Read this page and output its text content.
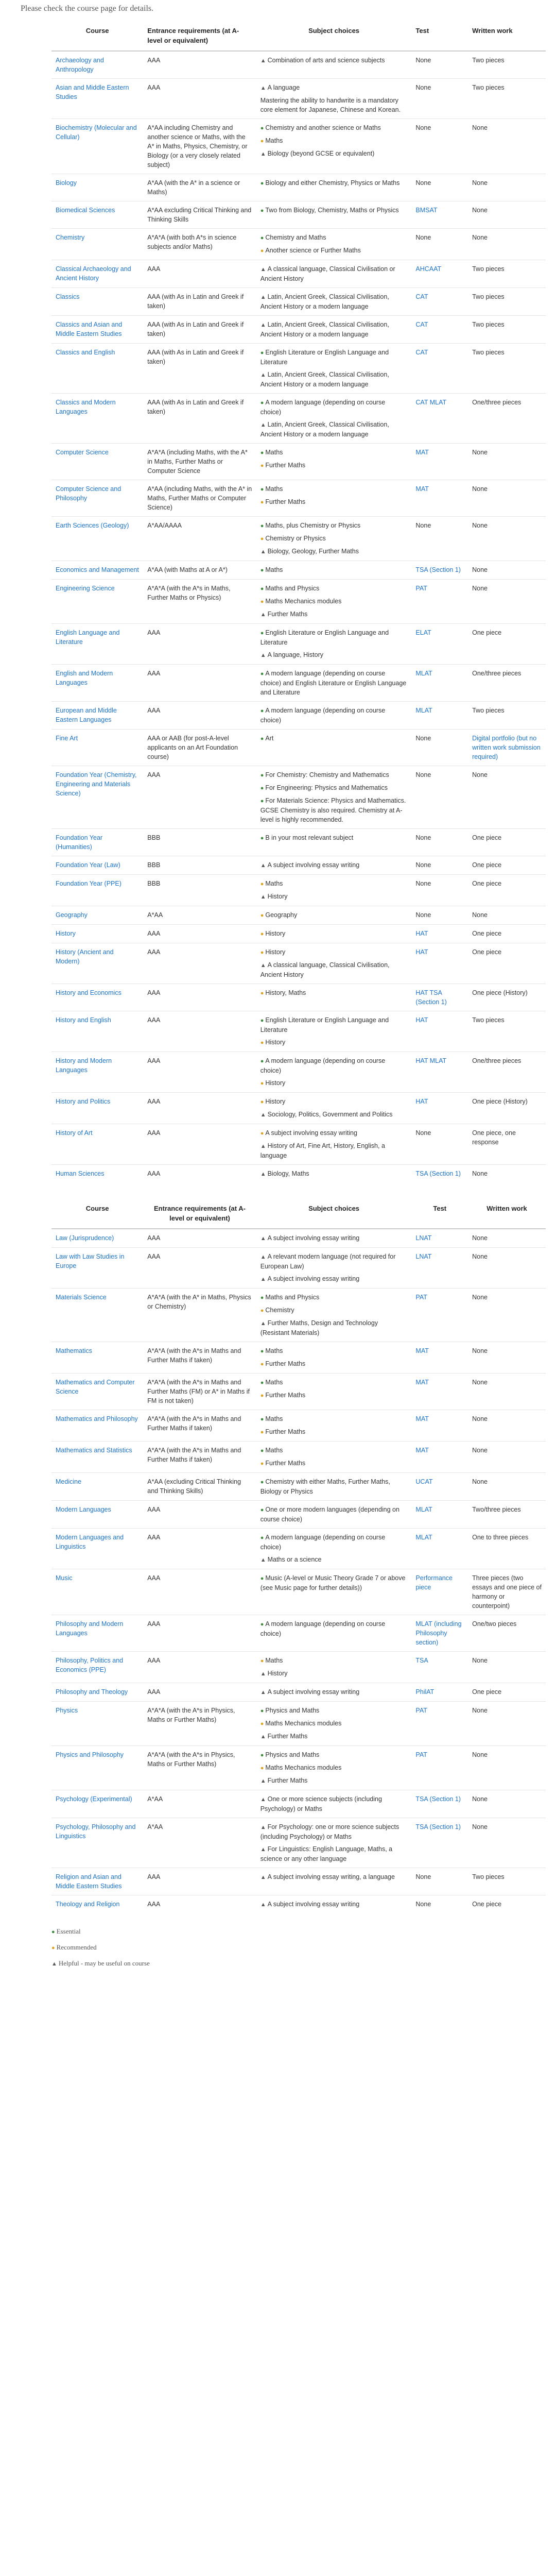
Please check the course page for details.
Course	Entrance requirements (at A-level or equivalent)	Subject choices	Test	Written work
Archaeology and Anthropology	AAA	▲ Combination of arts and science subjects	None	Two pieces
Asian and Middle Eastern Studies	AAA	▲ A language
Mastering the ability to handwrite is a mandatory core element for Japanese, Chinese and Korean.	None	Two pieces
Biochemistry (Molecular and Cellular)	A*AA including Chemistry and another science or Maths, with the A* in Maths, Physics, Chemistry, or Biology (or a very closely related subject)	● Chemistry and another science or Maths
● Maths
▲ Biology (beyond GCSE or equivalent)	None	None
Biology	A*AA (with the A* in a science or Maths)	● Biology and either Chemistry, Physics or Maths	None	None
Biomedical Sciences	A*AA excluding Critical Thinking and Thinking Skills	● Two from Biology, Chemistry, Maths or Physics	BMSAT	None
Chemistry	A*A*A (with both A*s in science subjects and/or Maths)	● Chemistry and Maths
● Another science or Further Maths	None	None
Classical Archaeology and Ancient History	AAA	▲ A classical language, Classical Civilisation or Ancient History	AHCAAT	Two pieces
Classics	AAA (with As in Latin and Greek if taken)	▲ Latin, Ancient Greek, Classical Civilisation, Ancient History or a modern language	CAT	Two pieces
Classics and Asian and Middle Eastern Studies	AAA (with As in Latin and Greek if taken)	▲ Latin, Ancient Greek, Classical Civilisation, Ancient History or a modern language	CAT	Two pieces
Classics and English	AAA (with As in Latin and Greek if taken)	● English Literature or English Language and Literature
▲ Latin, Ancient Greek, Classical Civilisation, Ancient History or a modern language	CAT	Two pieces
Classics and Modern Languages	AAA (with As in Latin and Greek if taken)	● A modern language (depending on course choice)
▲ Latin, Ancient Greek, Classical Civilisation, Ancient History or a modern language	CAT MLAT	One/three pieces
Computer Science	A*A*A (including Maths, with the A* in Maths, Further Maths or Computer Science	● Maths
● Further Maths	MAT	None
Computer Science and Philosophy	A*AA (including Maths, with the A* in Maths, Further Maths or Computer Science)	● Maths
● Further Maths	MAT	None
Earth Sciences (Geology)	A*AA/AAAA	● Maths, plus Chemistry or Physics
● Chemistry or Physics
▲ Biology, Geology, Further Maths	None	None
Economics and Management	A*AA (with Maths at A or A*)	● Maths	TSA (Section 1)	None
Engineering Science	A*A*A (with the A*s in Maths, Further Maths or Physics)	● Maths and Physics
● Maths Mechanics modules
▲ Further Maths	PAT	None
English Language and Literature	AAA	● English Literature or English Language and Literature
▲ A language, History	ELAT	One piece
English and Modern Languages	AAA	● A modern language (depending on course choice) and English Literature or English Language and Literature	MLAT	One/three pieces
European and Middle Eastern Languages	AAA	● A modern language (depending on course choice)	MLAT	Two pieces
Fine Art	AAA or AAB (for post-A-level applicants on an Art Foundation course)	● Art	None	Digital portfolio (but no written work submission required)
Foundation Year (Chemistry, Engineering and Materials Science)	AAA	● For Chemistry: Chemistry and Mathematics
● For Engineering: Physics and Mathematics
● For Materials Science: Physics and Mathematics. GCSE Chemistry is also required. Chemistry at A-level is highly recommended.	None	None
Foundation Year (Humanities)	BBB	● B in your most relevant subject	None	One piece
Foundation Year (Law)	BBB	▲ A subject involving essay writing	None	One piece
Foundation Year (PPE)	BBB	● Maths
▲ History	None	One piece
Geography	A*AA	● Geography	None	None
History	AAA	● History	HAT	One piece
History (Ancient and Modern)	AAA	● History
▲ A classical language, Classical Civilisation, Ancient History	HAT	One piece
History and Economics	AAA	● History, Maths	HAT TSA (Section 1)	One piece (History)
History and English	AAA	● English Literature or English Language and Literature
● History	HAT	Two pieces
History and Modern Languages	AAA	● A modern language (depending on course choice)
● History	HAT MLAT	One/three pieces
History and Politics	AAA	● History
▲ Sociology, Politics, Government and Politics	HAT	One piece (History)
History of Art	AAA	● A subject involving essay writing
▲ History of Art, Fine Art, History, English, a language	None	One piece, one response
Human Sciences	AAA	▲ Biology, Maths	TSA (Section 1)	None
Course	Entrance requirements (at A-level or equivalent)	Subject choices	Test	Written work
Law (Jurisprudence)	AAA	▲ A subject involving essay writing	LNAT	None
Law with Law Studies in Europe	AAA	▲ A relevant modern language (not required for European Law)
▲ A subject involving essay writing	LNAT	None
Materials Science	A*A*A (with the A* in Maths, Physics or Chemistry)	● Maths and Physics
● Chemistry
▲ Further Maths, Design and Technology (Resistant Materials)	PAT	None
Mathematics	A*A*A (with the A*s in Maths and Further Maths if taken)	● Maths
● Further Maths	MAT	None
Mathematics and Computer Science	A*A*A (with the A*s in Maths and Further Maths (FM) or A* in Maths if FM is not taken)	● Maths
● Further Maths	MAT	None
Mathematics and Philosophy	A*A*A (with the A*s in Maths and Further Maths if taken)	● Maths
● Further Maths	MAT	None
Mathematics and Statistics	A*A*A (with the A*s in Maths and Further Maths if taken)	● Maths
● Further Maths	MAT	None
Medicine	A*AA (excluding Critical Thinking and Thinking Skills)	● Chemistry with either Maths, Further Maths, Biology or Physics	UCAT	None
Modern Languages	AAA	● One or more modern languages (depending on course choice)	MLAT	Two/three pieces
Modern Languages and Linguistics	AAA	● A modern language (depending on course choice)
▲ Maths or a science	MLAT	One to three pieces
Music	AAA	● Music (A-level or Music Theory Grade 7 or above (see Music page for further details))	Performance piece	Three pieces (two essays and one piece of harmony or counterpoint)
Philosophy and Modern Languages	AAA	● A modern language (depending on course choice)	MLAT (including Philosophy section)	One/two pieces
Philosophy, Politics and Economics (PPE)	AAA	● Maths
▲ History	TSA	None
Philosophy and Theology	AAA	▲ A subject involving essay writing	PhilAT	One piece
Physics	A*A*A (with the A*s in Physics, Maths or Further Maths)	● Physics and Maths
● Maths Mechanics modules
▲ Further Maths	PAT	None
Physics and Philosophy	A*A*A (with the A*s in Physics, Maths or Further Maths)	● Physics and Maths
● Maths Mechanics modules
▲ Further Maths	PAT	None
Psychology (Experimental)	A*AA	▲ One or more science subjects (including Psychology) or Maths	TSA (Section 1)	None
Psychology, Philosophy and Linguistics	A*AA	▲ For Psychology: one or more science subjects (including Psychology) or Maths
▲ For Linguistics: English Language, Maths, a science or any other language	TSA (Section 1)	None
Religion and Asian and Middle Eastern Studies	AAA	▲ A subject involving essay writing, a language	None	Two pieces
Theology and Religion	AAA	▲ A subject involving essay writing	None	One piece
● Essential
● Recommended
▲ Helpful - may be useful on course
